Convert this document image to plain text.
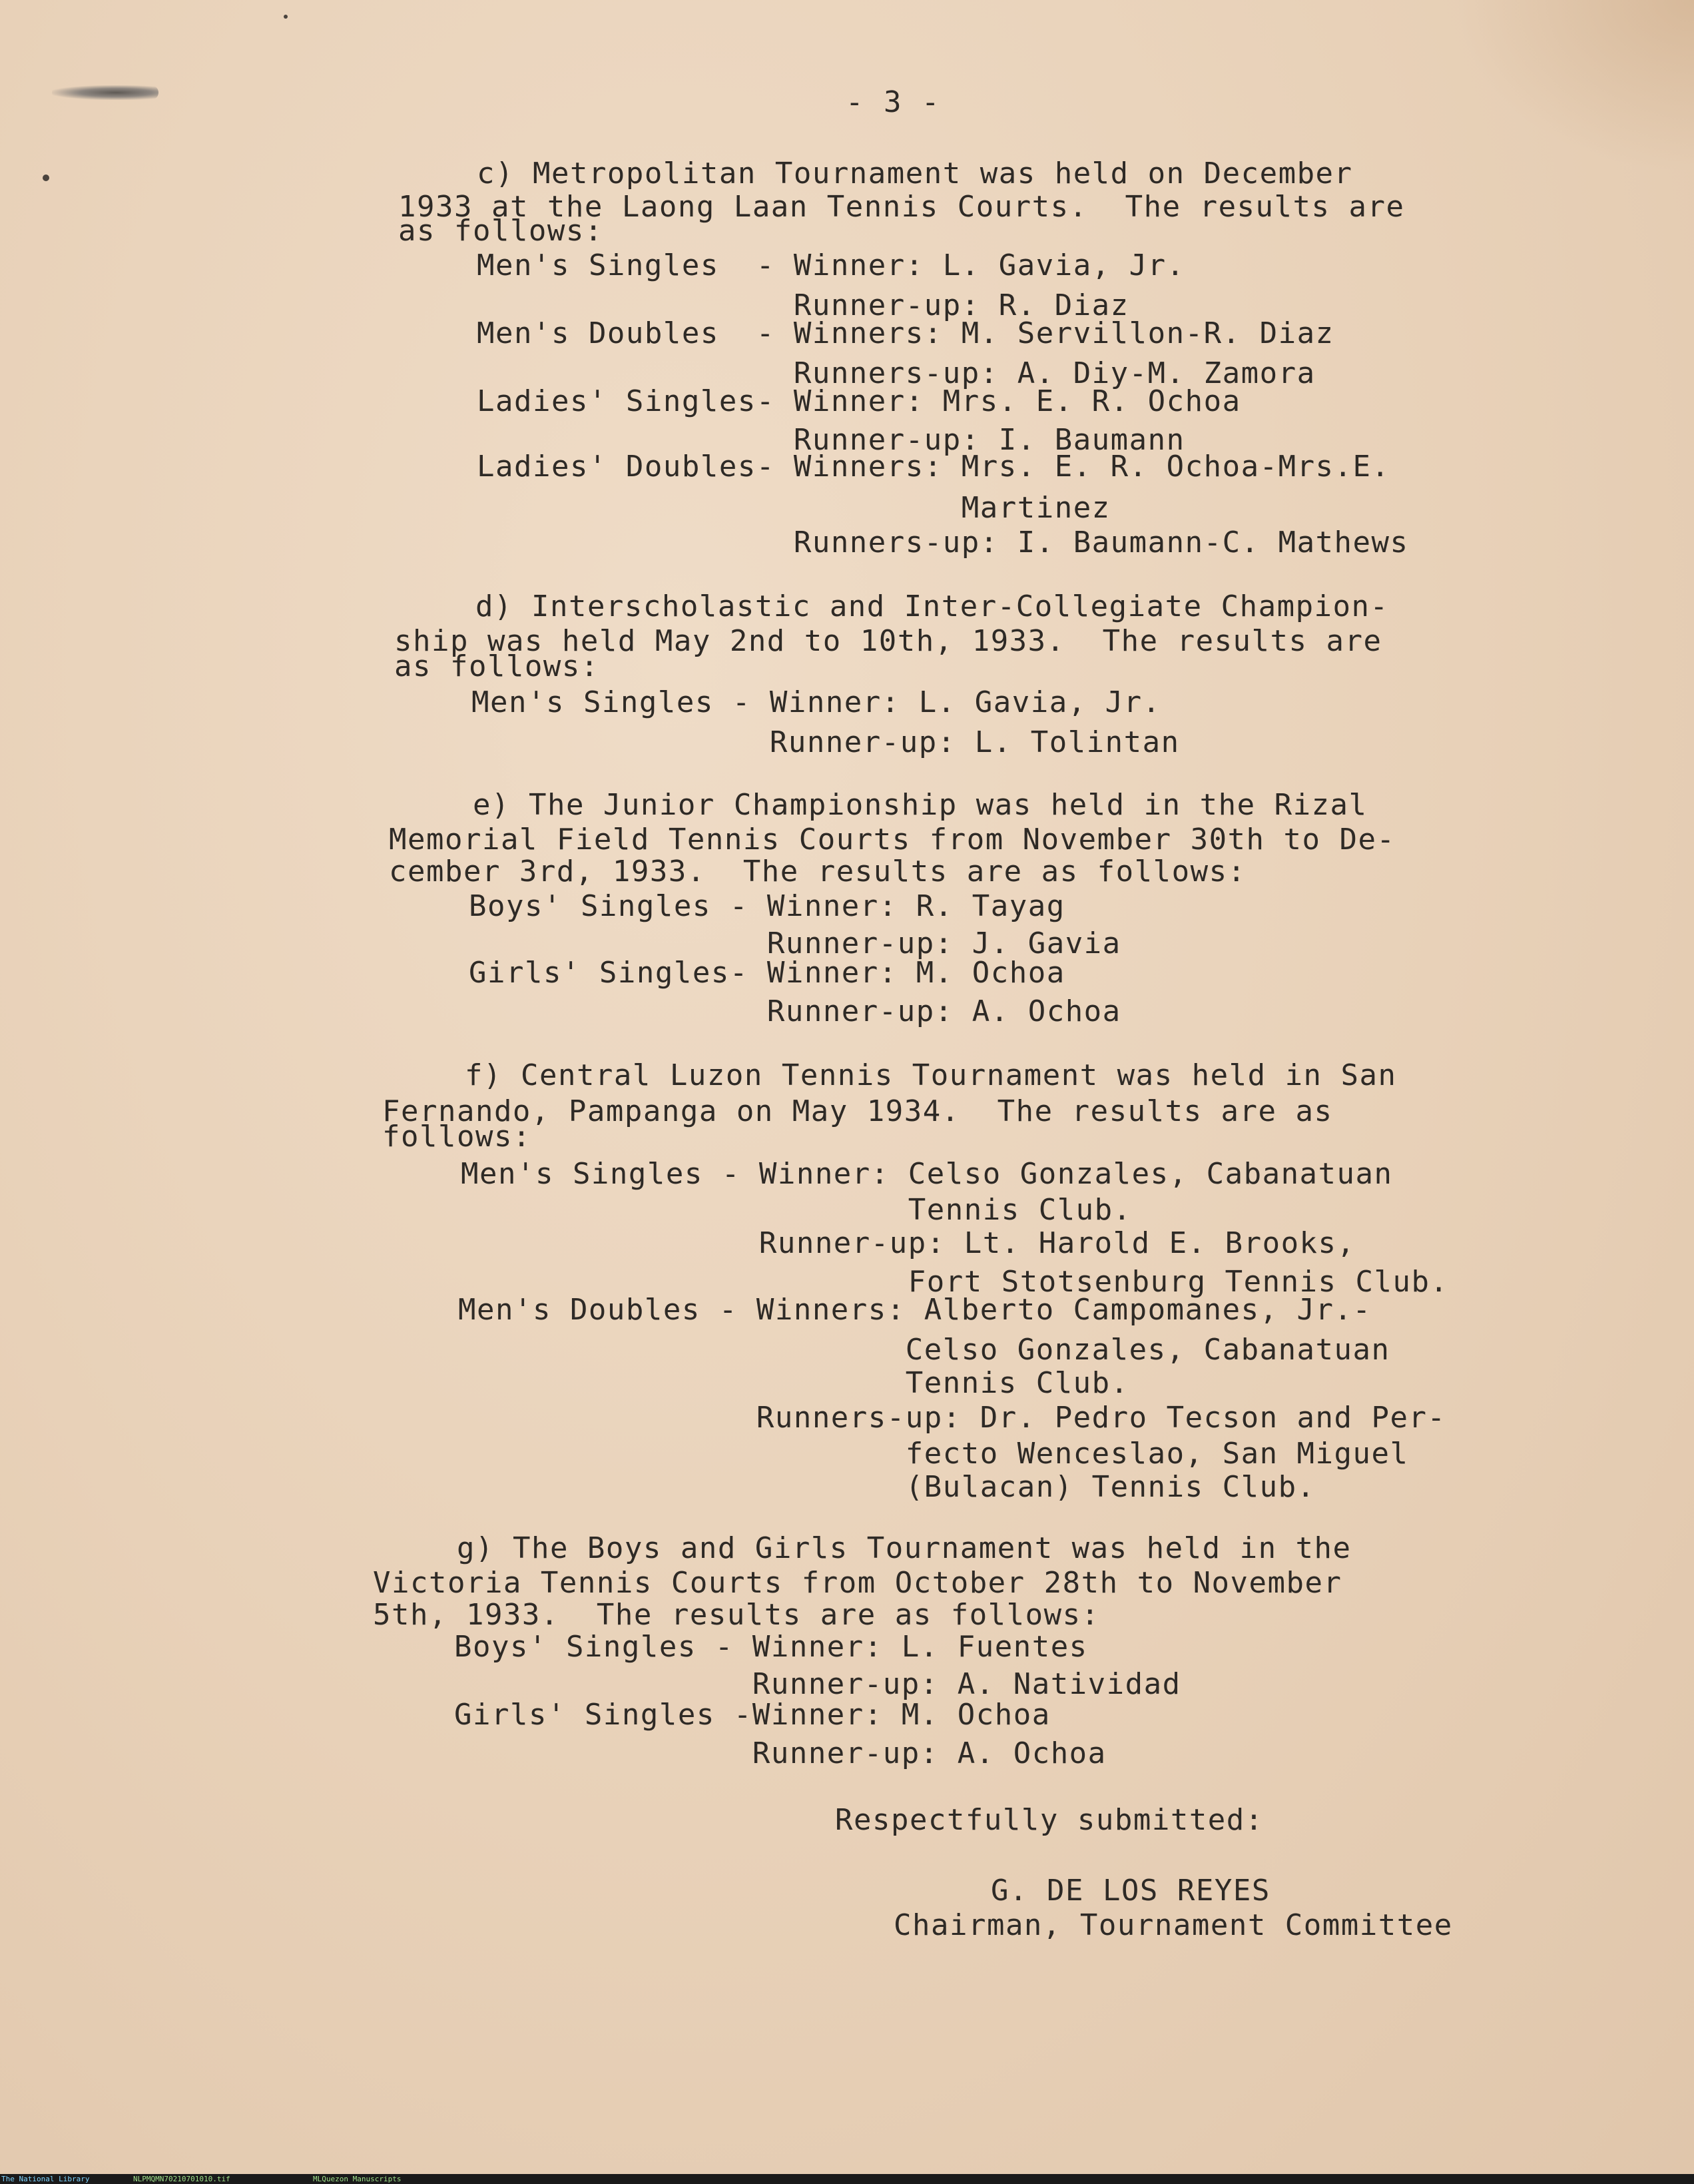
- 3 -
c) Metropolitan Tournament was held on December
1933 at the Laong Laan Tennis Courts.  The results are
as follows:
Men's Singles  - Winner: L. Gavia, Jr.
Runner-up: R. Diaz
Men's Doubles  - Winners: M. Servillon-R. Diaz
Runners-up: A. Diy-M. Zamora
Ladies' Singles- Winner: Mrs. E. R. Ochoa
Runner-up: I. Baumann
Ladies' Doubles- Winners: Mrs. E. R. Ochoa-Mrs.E.
Martinez
Runners-up: I. Baumann-C. Mathews
d) Interscholastic and Inter-Collegiate Champion-
ship was held May 2nd to 10th, 1933.  The results are
as follows:
Men's Singles - Winner: L. Gavia, Jr.
Runner-up: L. Tolintan
e) The Junior Championship was held in the Rizal
Memorial Field Tennis Courts from November 30th to De-
cember 3rd, 1933.  The results are as follows:
Boys' Singles - Winner: R. Tayag
Runner-up: J. Gavia
Girls' Singles- Winner: M. Ochoa
Runner-up: A. Ochoa
f) Central Luzon Tennis Tournament was held in San
Fernando, Pampanga on May 1934.  The results are as
follows:
Men's Singles - Winner: Celso Gonzales, Cabanatuan
Tennis Club.
Runner-up: Lt. Harold E. Brooks,
Fort Stotsenburg Tennis Club.
Men's Doubles - Winners: Alberto Campomanes, Jr.-
Celso Gonzales, Cabanatuan
Tennis Club.
Runners-up: Dr. Pedro Tecson and Per-
fecto Wenceslao, San Miguel
(Bulacan) Tennis Club.
g) The Boys and Girls Tournament was held in the
Victoria Tennis Courts from October 28th to November
5th, 1933.  The results are as follows:
Boys' Singles - Winner: L. Fuentes
Runner-up: A. Natividad
Girls' Singles -Winner: M. Ochoa
Runner-up: A. Ochoa
Respectfully submitted:
G. DE LOS REYES
Chairman, Tournament Committee
The National Library	NLPMQMN70210701010.tif	MLQuezon Manuscripts
